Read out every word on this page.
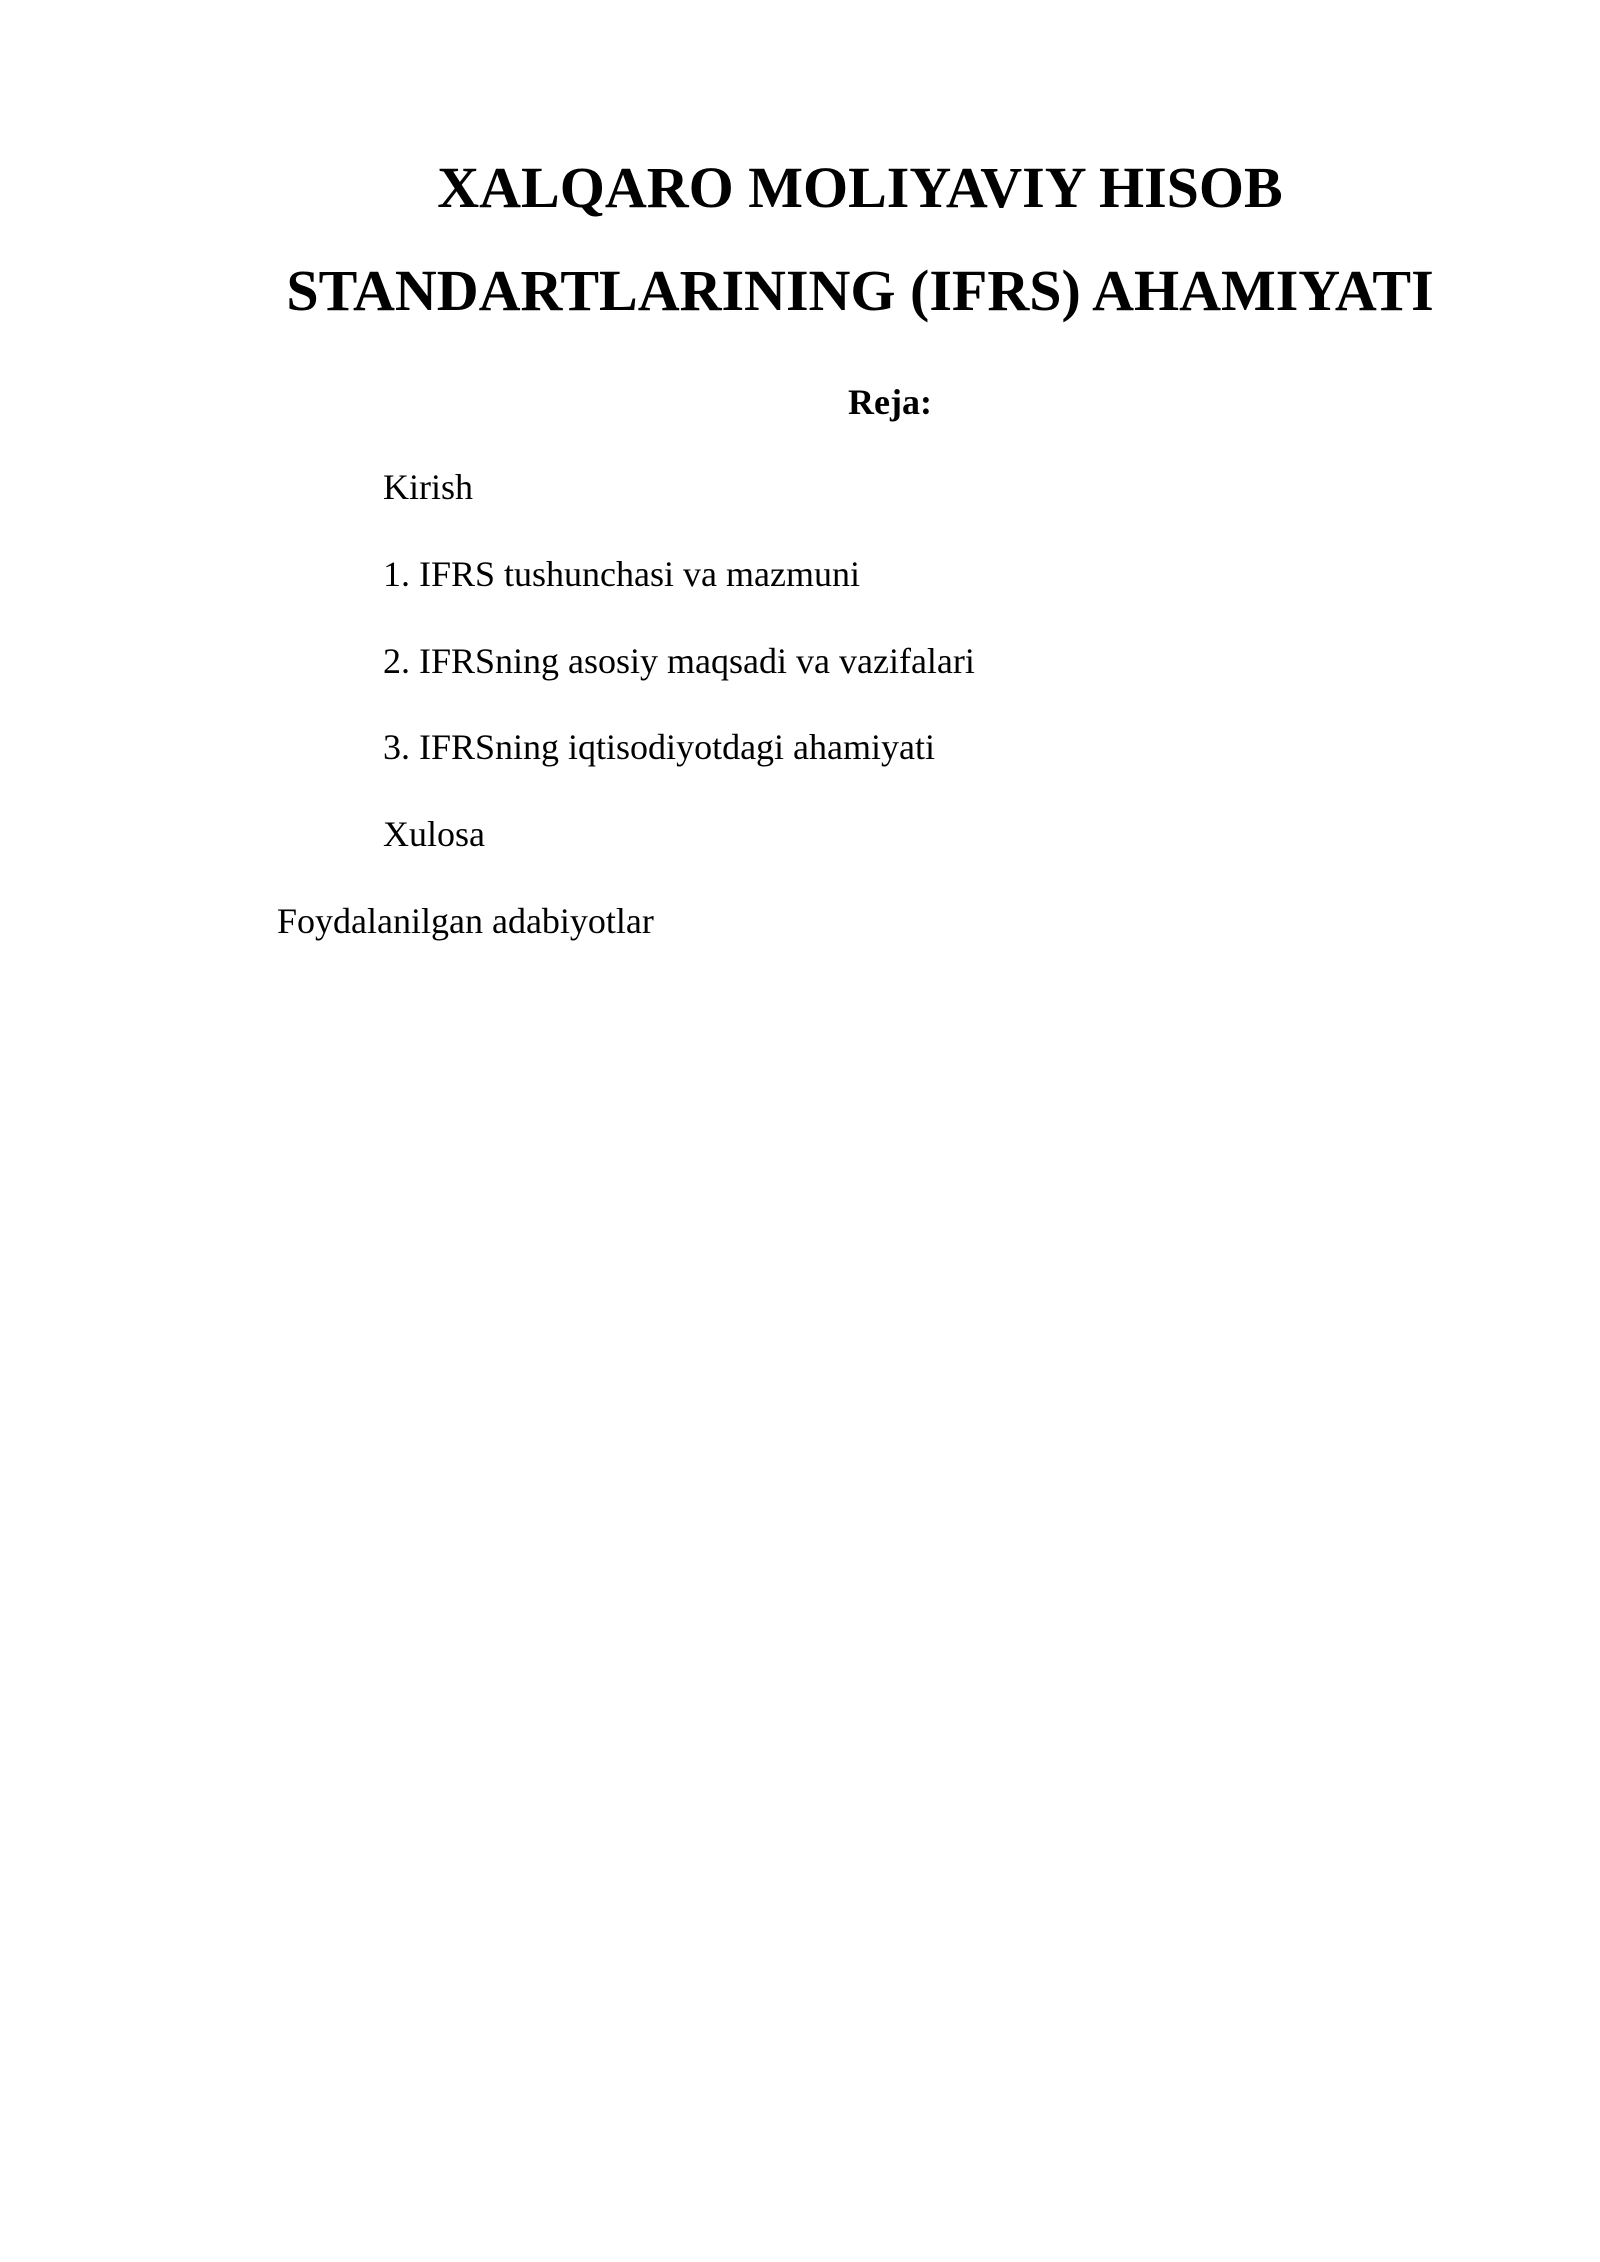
XALQARO MOLIYAVIY HISOB
STANDARTLARINING (IFRS) AHAMIYATI

Reja:

Kirish

1. IFRS tushunchasi va mazmuni

2. IFRSning asosiy maqsadi va vazifalari

3. IFRSning iqtisodiyotdagi ahamiyati

Xulosa

Foydalanilgan adabiyotlar
